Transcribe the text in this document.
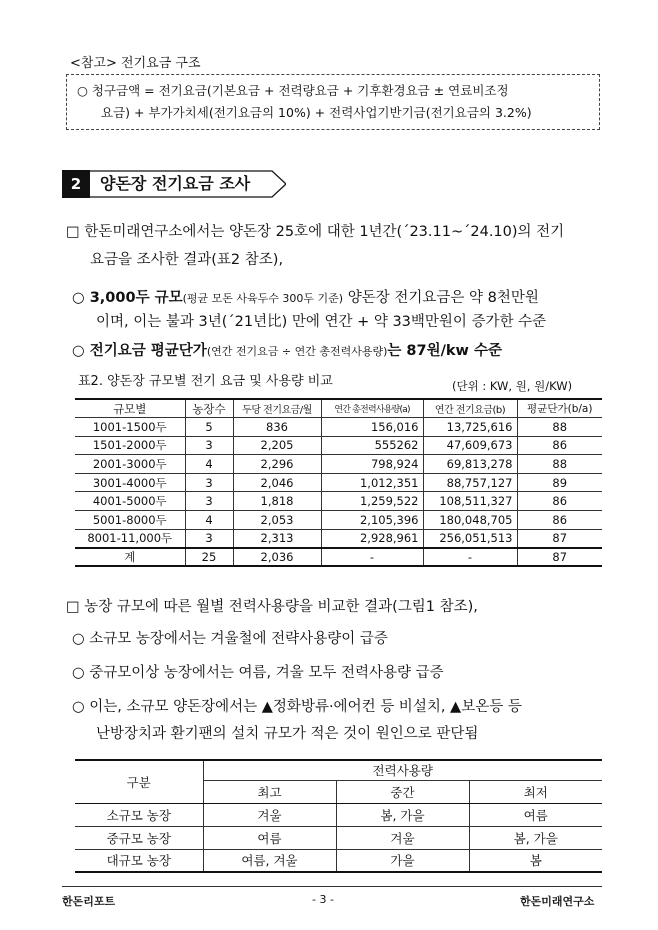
<참고> 전기요금 구조
○ 청구금액 = 전기요금(기본요금 + 전력량요금 + 기후환경요금 ± 연료비조정
요금) + 부가가치세(전기요금의 10%) + 전력사업기반기금(전기요금의 3.2%)
2	양돈장 전기요금 조사
□ 한돈미래연구소에서는 양돈장 25호에 대한 1년간(´23.11~´24.10)의 전기
요금을 조사한 결과(표2 참조),
○ 3,000두 규모(평균 모돈 사육두수 300두 기준) 양돈장 전기요금은 약 8천만원
이며, 이는 불과 3년(´21년比) 만에 연간 + 약 33백만원이 증가한 수준
○ 전기요금 평균단가(연간 전기요금 ÷ 연간 총전력사용량)는 87원/kw 수준
표2. 양돈장 규모별 전기 요금 및 사용량 비교	(단위 : KW, 원, 원/KW)
규모별	농장수	두당 전기요금/월	연간 총전력사용량(a)	연간 전기요금(b)	평균단가(b/a)
1001-1500두	5	836	156,016	13,725,616	88
1501-2000두	3	2,205	555262	47,609,673	86
2001-3000두	4	2,296	798,924	69,813,278	88
3001-4000두	3	2,046	1,012,351	88,757,127	89
4001-5000두	3	1,818	1,259,522	108,511,327	86
5001-8000두	4	2,053	2,105,396	180,048,705	86
8001-11,000두	3	2,313	2,928,961	256,051,513	87
계	25	2,036	-	-	87
□ 농장 규모에 따른 월별 전력사용량을 비교한 결과(그림1 참조),
○ 소규모 농장에서는 겨울철에 전략사용량이 급증
○ 중규모이상 농장에서는 여름, 겨울 모두 전력사용량 급증
○ 이는, 소규모 양돈장에서는 ▲정화방류·에어컨 등 비설치, ▲보온등 등
난방장치과 환기팬의 설치 규모가 적은 것이 원인으로 판단됨
구분	전력사용량		
	최고	중간	최저
소규모 농장	겨울	봄, 가을	여름
중규모 농장	여름	겨울	봄, 가을
대규모 농장	여름, 겨울	가을	봄
한돈리포트	- 3 -	한돈미래연구소
